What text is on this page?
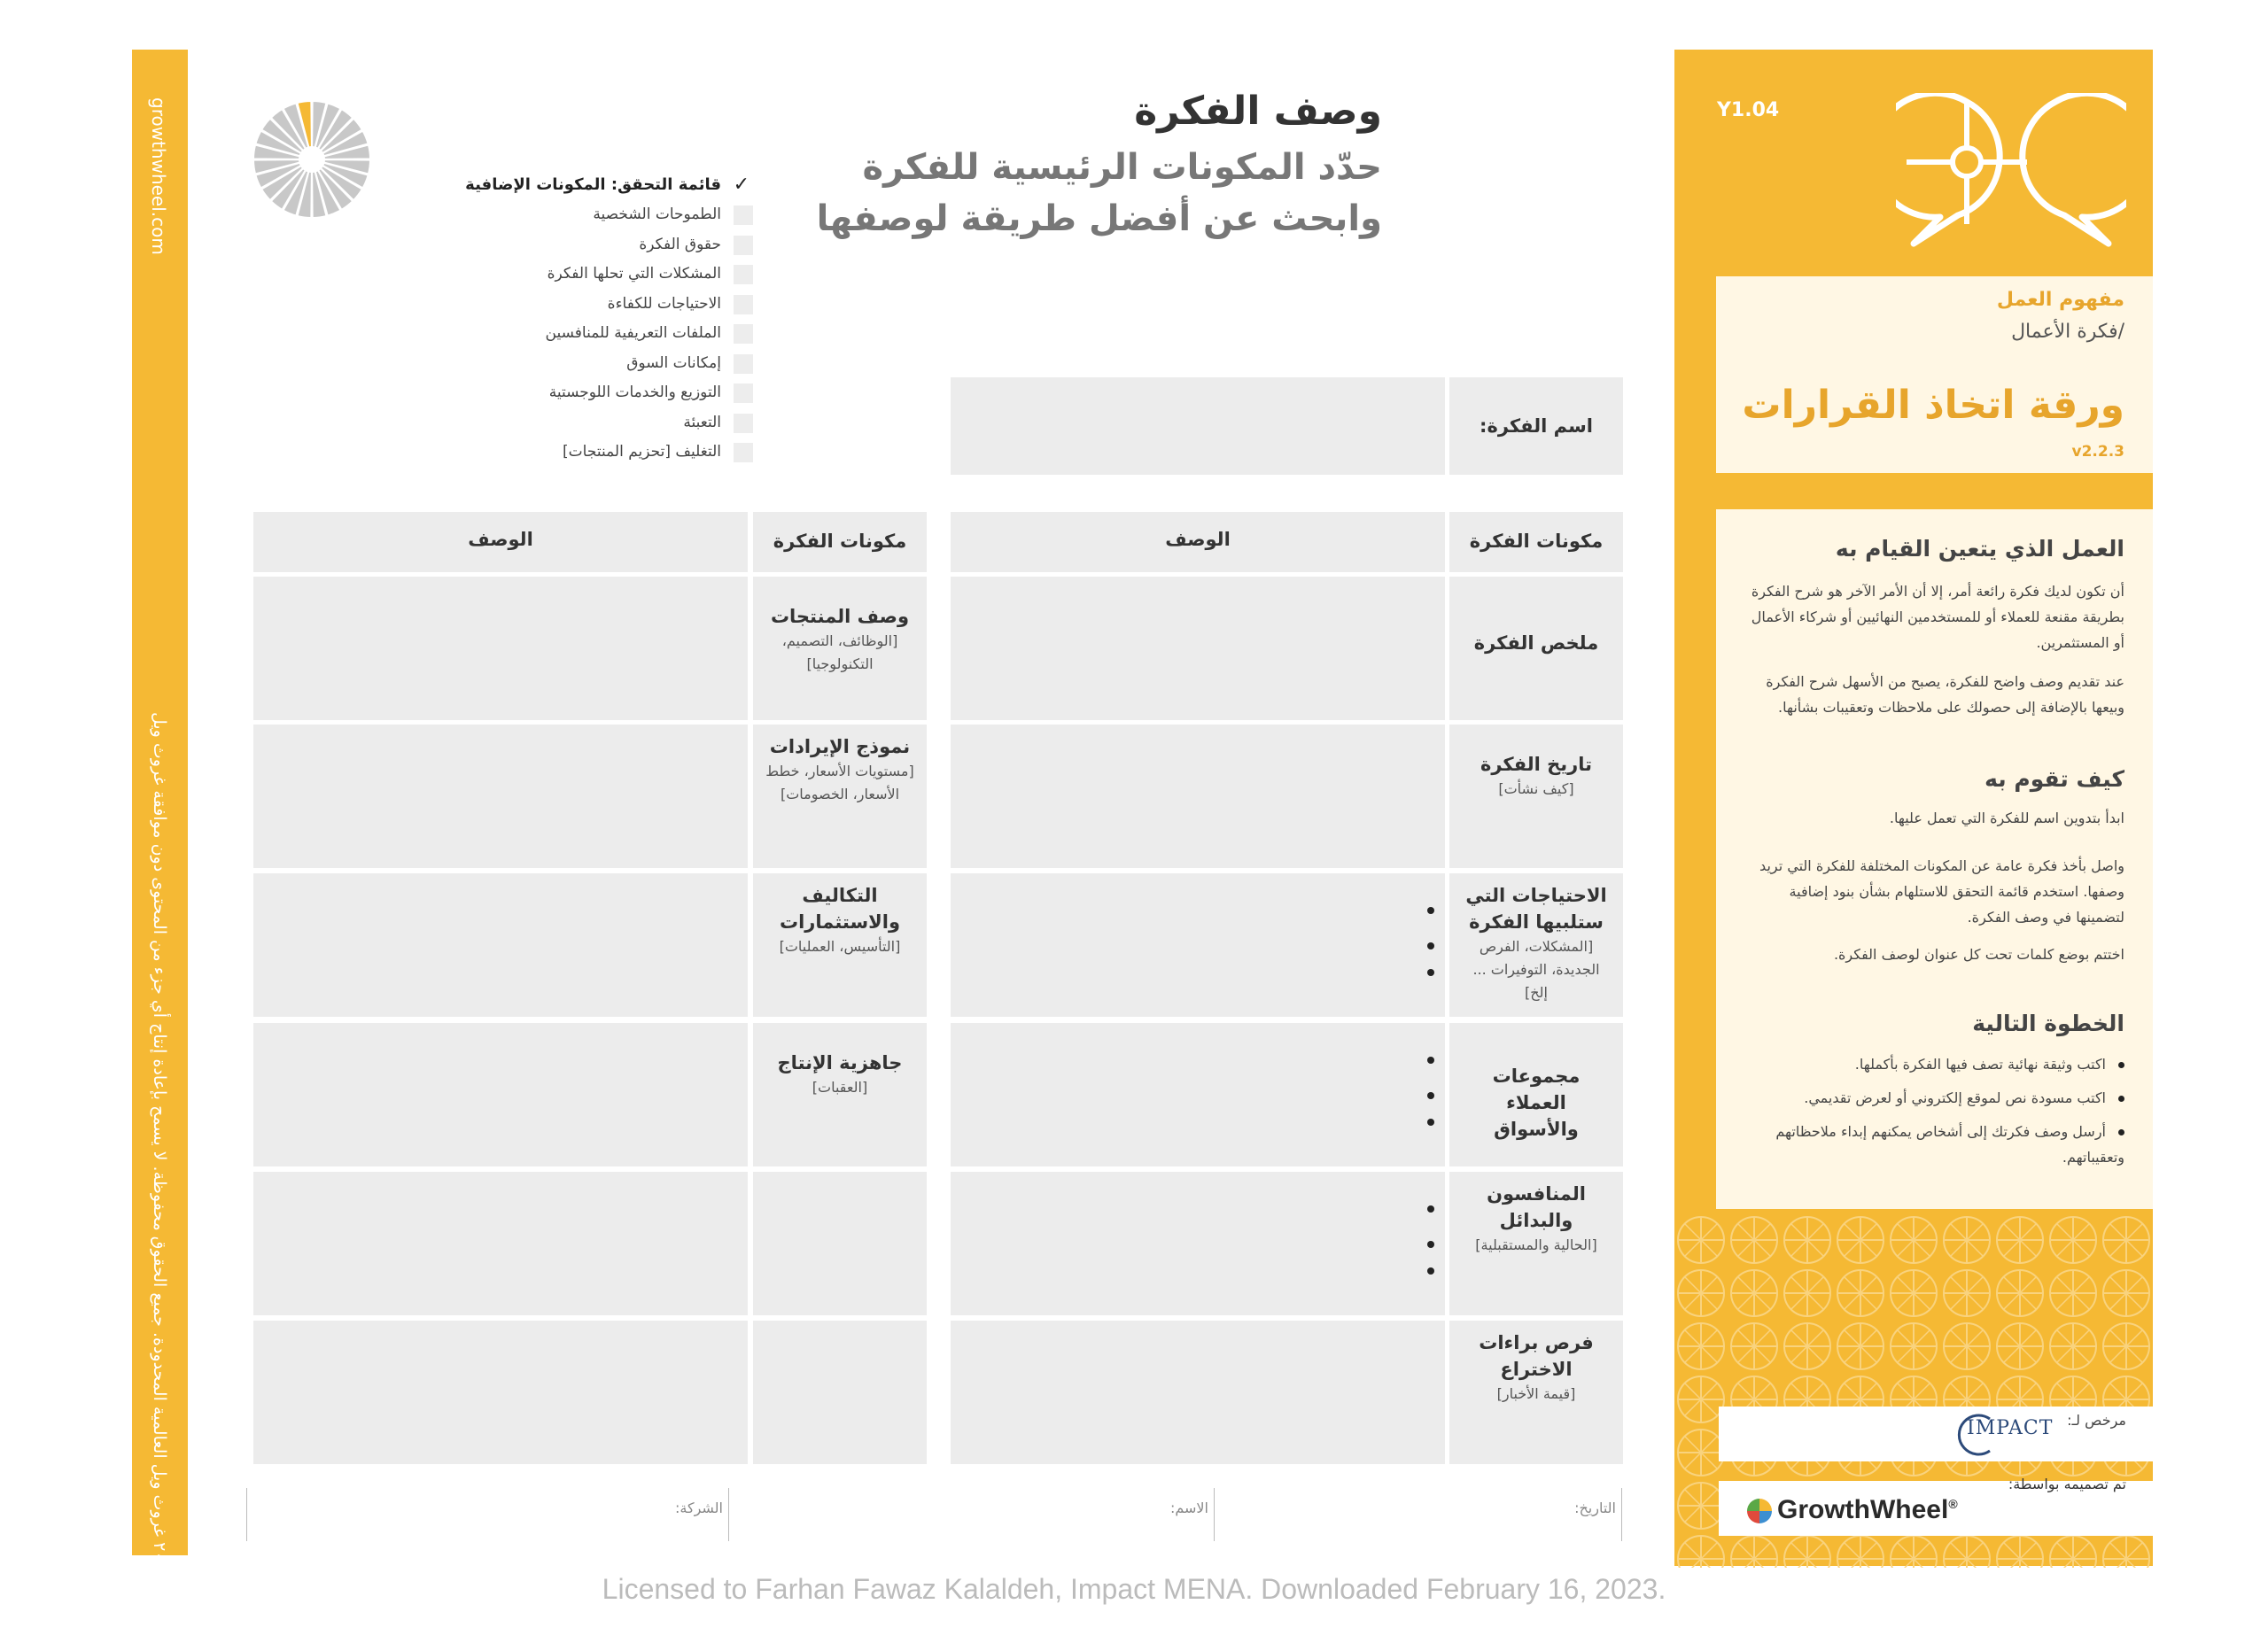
growthwheel.com
© ٢٠١٩-٢٠٠٥ غروث ويل العالمية المحدودة. جميع الحقوق محفوظة. لا يسمح بإعادة إنتاج أي جزء من المحتوى دون موافقة غروث ويل
وصف الفكرة
حدّد المكونات الرئيسية للفكرة
وابحث عن أفضل طريقة لوصفها
✓
قائمة التحقق: المكونات الإضافية
الطموحات الشخصية
حقوق الفكرة
المشكلات التي تحلها الفكرة
الاحتياجات للكفاءة
الملفات التعريفية للمنافسين
إمكانات السوق
التوزيع والخدمات اللوجستية
التعبئة
التغليف [تحزيم المنتجات]
اسم الفكرة:
مكونات الفكرة
الوصف
ملخص الفكرة
تاريخ الفكرة
[كيف نشأت]
الاحتياجات التي ستلبيها الفكرة
[المشكلات، الفرص الجديدة، التوفيرات ... إلخ]
مجموعات العملاء والأسواق
المنافسون والبدائل
[الحالية والمستقبلية]
فرص براءات الاختراع
[قيمة الأخبار]
مكونات الفكرة
الوصف
وصف المنتجات
[الوظائف، التصميم، التكنولوجيا]
نموذج الإيرادات
[مستويات الأسعار، خطط الأسعار، الخصومات]
التكاليف والاستثمارات
[التأسيس، العمليات]
جاهزية الإنتاج
[العقبات]
التاريخ:
الاسم:
الشركة:
Y1.04
مفهوم العمل
/فكرة الأعمال
ورقة اتخاذ القرارات
v2.2.3
العمل الذي يتعين القيام به
أن تكون لديك فكرة رائعة أمر، إلا أن الأمر الآخر هو شرح الفكرة بطريقة مقنعة للعملاء أو للمستخدمين النهائيين أو شركاء الأعمال أو المستثمرين.
عند تقديم وصف واضح للفكرة، يصبح من الأسهل شرح الفكرة وبيعها بالإضافة إلى حصولك على ملاحظات وتعقيبات بشأنها.
كيف تقوم به
ابدأ بتدوين اسم للفكرة التي تعمل عليها.
واصل بأخذ فكرة عامة عن المكونات المختلفة للفكرة التي تريد وصفها. استخدم قائمة التحقق للاستلهام بشأن بنود إضافية لتضمينها في وصف الفكرة.
اختتم بوضع كلمات تحت كل عنوان لوصف الفكرة.
الخطوة التالية
اكتب وثيقة نهائية تصف فيها الفكرة بأكملها.
اكتب مسودة نص لموقع إلكتروني أو لعرض تقديمي.
أرسل وصف فكرتك إلى أشخاص يمكنهم إبداء ملاحظاتهم وتعقيباتهم.
مرخص لـ:
IMPACT
تم تصميمه بواسطة:
GrowthWheel®
Licensed to Farhan Fawaz Kalaldeh, Impact MENA. Downloaded February 16, 2023.
